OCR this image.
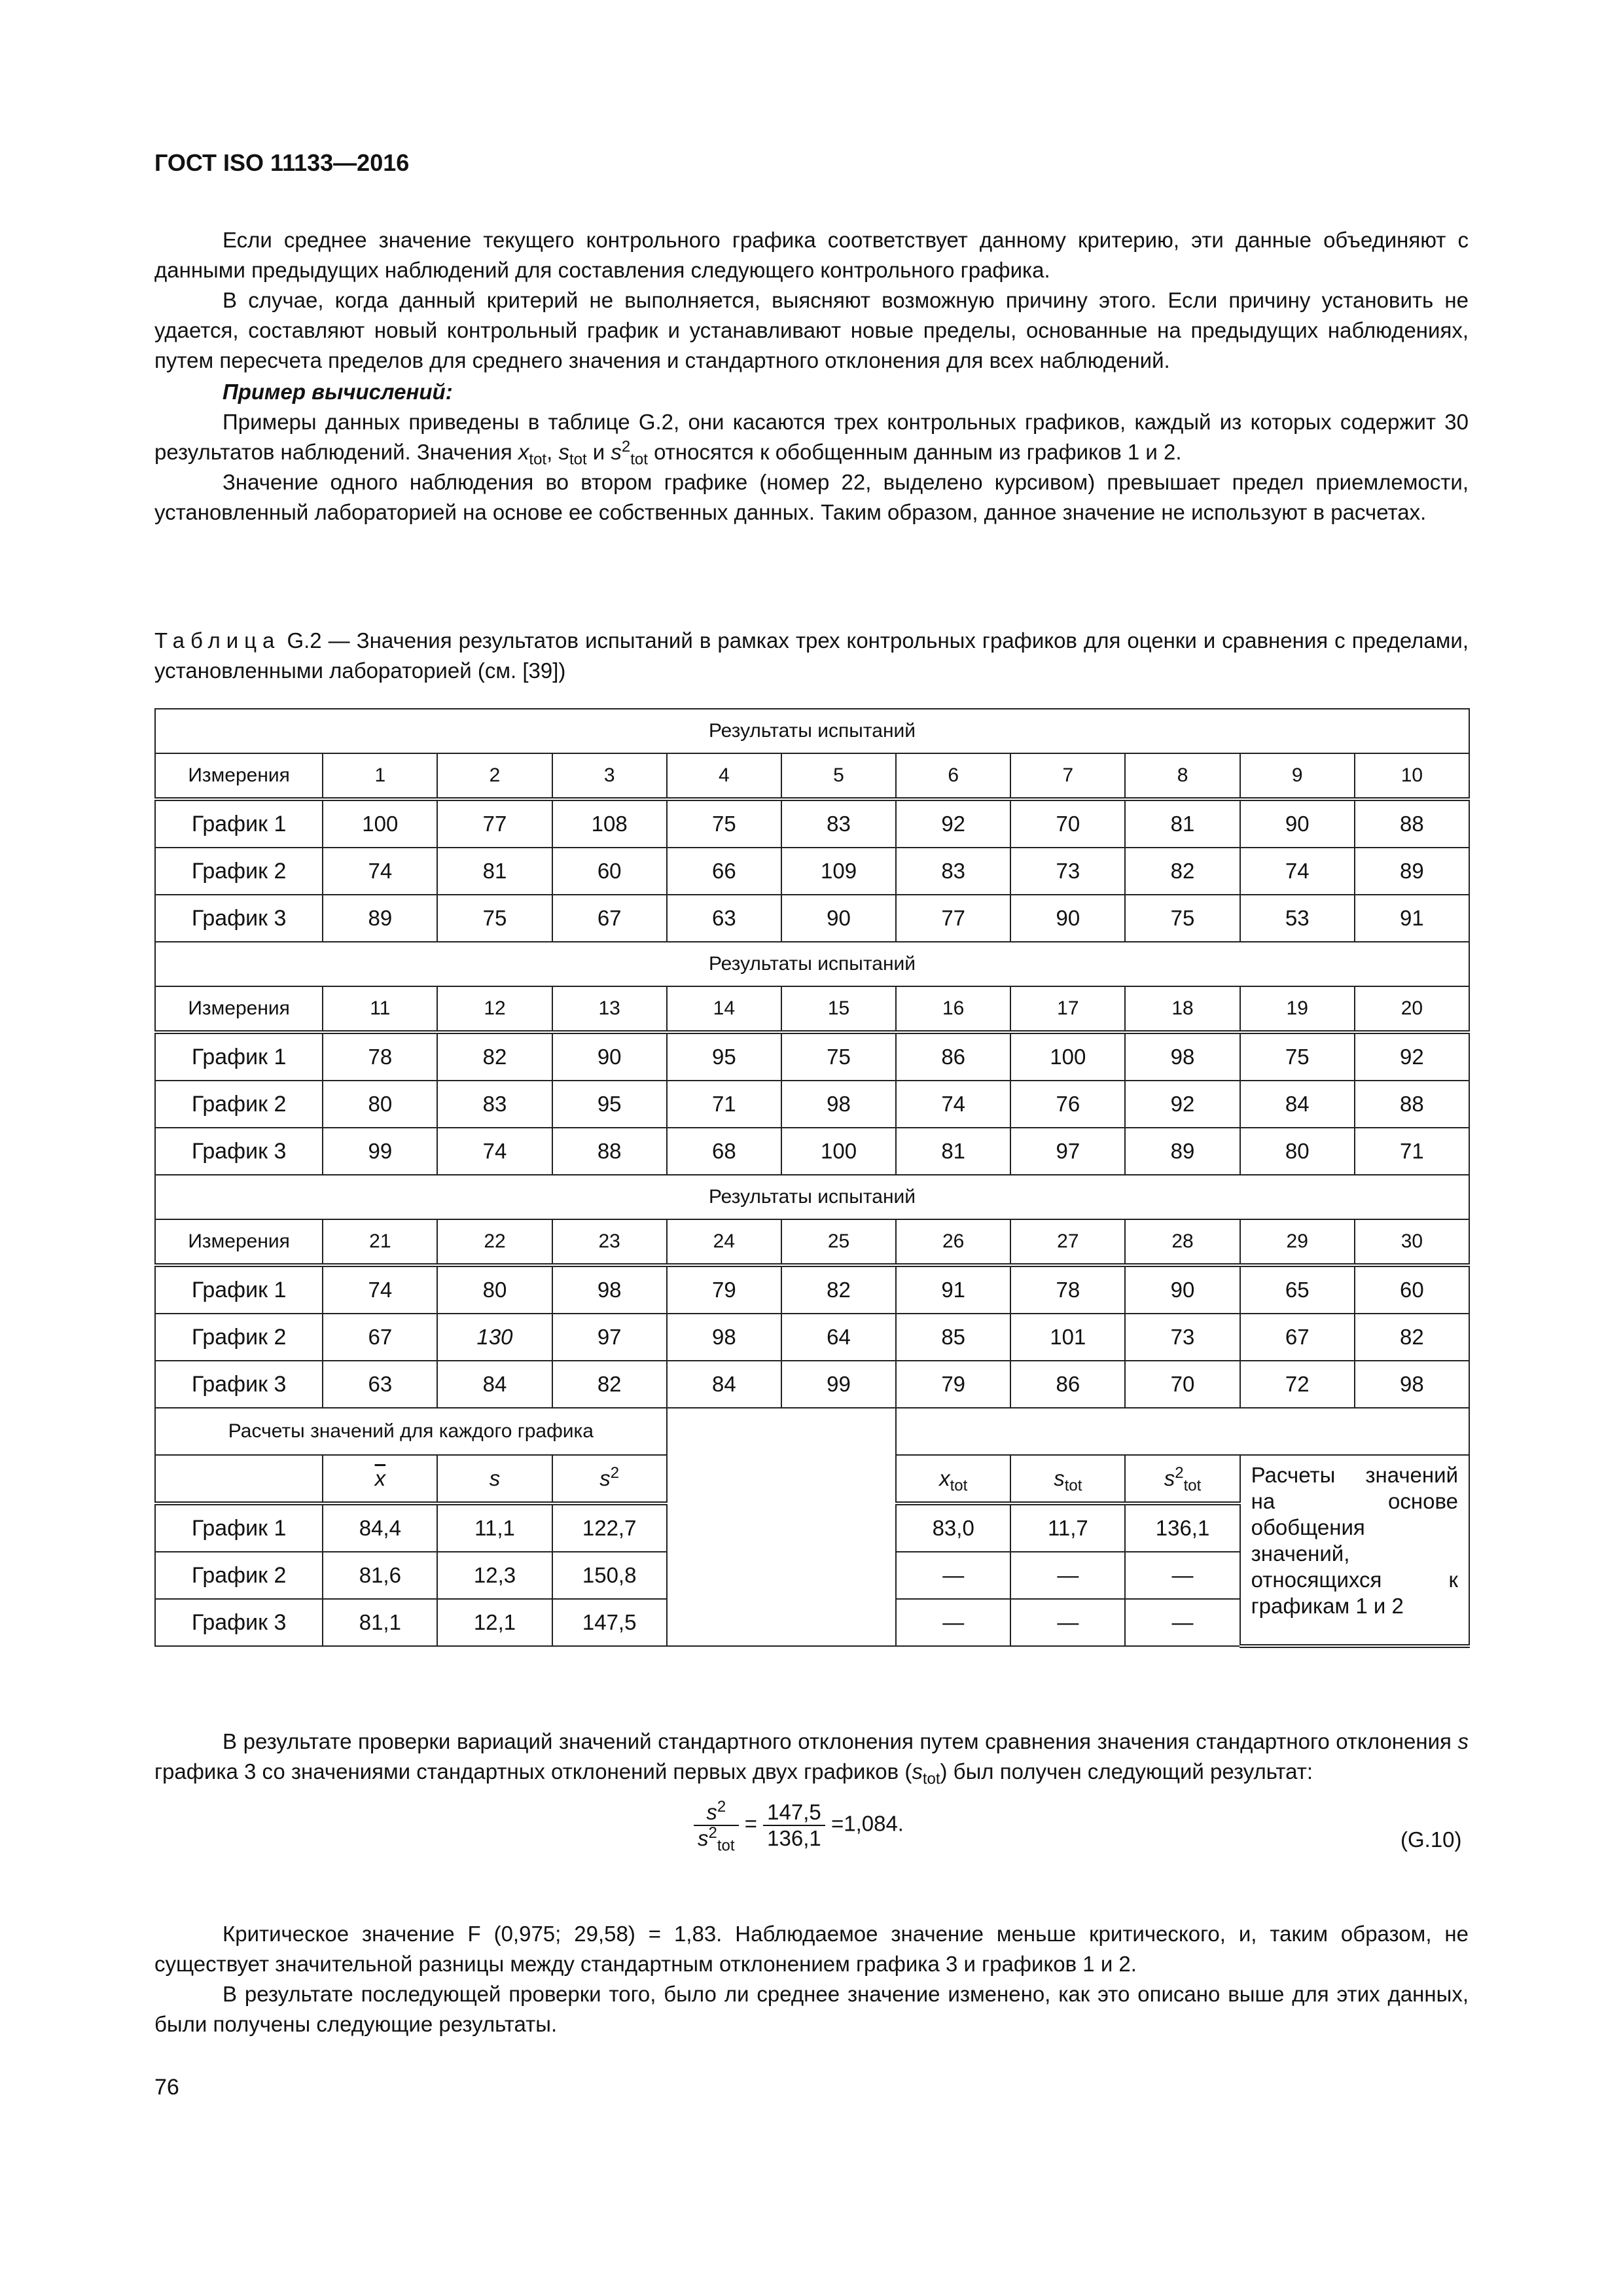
ГОСТ ISO 11133—2016

Если среднее значение текущего контрольного графика соответствует данному критерию, эти данные объединяют с данными предыдущих наблюдений для составления следующего контрольного графика.

В случае, когда данный критерий не выполняется, выясняют возможную причину этого. Если причину установить не удается, составляют новый контрольный график и устанавливают новые пределы, основанные на предыдущих наблюдениях, путем пересчета пределов для среднего значения и стандартного отклонения для всех наблюдений.

Пример вычислений:

Примеры данных приведены в таблице G.2, они касаются трех контрольных графиков, каждый из которых содержит 30 результатов наблюдений. Значения $x_{tot}$, $s_{tot}$ и $s^2_{tot}$ относятся к обобщенным данным из графиков 1 и 2.

Значение одного наблюдения во втором графике (номер 22, выделено курсивом) превышает предел приемлемости, установленный лабораторией на основе ее собственных данных. Таким образом, данное значение не используют в расчетах.

Таблица G.2 — Значения результатов испытаний в рамках трех контрольных графиков для оценки и сравнения с пределами, установленными лабораторией (см. [39])
Результаты испытаний										
Измерения	1	2	3	4	5	6	7	8	9	10
График 1	100	77	108	75	83	92	70	81	90	88
График 2	74	81	60	66	109	83	73	82	74	89
График 3	89	75	67	63	90	77	90	75	53	91
Результаты испытаний										
Измерения	11	12	13	14	15	16	17	18	19	20
График 1	78	82	90	95	75	86	100	98	75	92
График 2	80	83	95	71	98	74	76	92	84	88
График 3	99	74	88	68	100	81	97	89	80	71
Результаты испытаний										
Измерения	21	22	23	24	25	26	27	28	29	30
График 1	74	80	98	79	82	91	78	90	65	60
График 2	67	130	97	98	64	85	101	73	67	82
График 3	63	84	82	84	99	79	86	70	72	98
Расчеты значений для каждого графика										
	$\overline{x}$	s	$s^2$			$x_{tot}$	$s_{tot}$	$s^2_{tot}$	Расчеты значений на основе обобщения значений, относящихся к графикам 1 и 2	
График 1	84,4	11,1	122,7			83,0	11,7	136,1		
График 2	81,6	12,3	150,8			—	—	—		
График 3	81,1	12,1	147,5			—	—	—		

В результате проверки вариаций значений стандартного отклонения путем сравнения значения стандартного отклонения s графика 3 со значениями стандартных отклонений первых двух графиков $(s_{tot})$ был получен следующий результат:

$\frac{s^2}{s^2_{tot}} = \frac{147,5}{136,1} =1,084$.
(G.10)

Критическое значение F (0,975; 29,58) = 1,83. Наблюдаемое значение меньше критического, и, таким образом, не существует значительной разницы между стандартным отклонением графика 3 и графиков 1 и 2.

В результате последующей проверки того, было ли среднее значение изменено, как это описано выше для этих данных, были получены следующие результаты.

76
